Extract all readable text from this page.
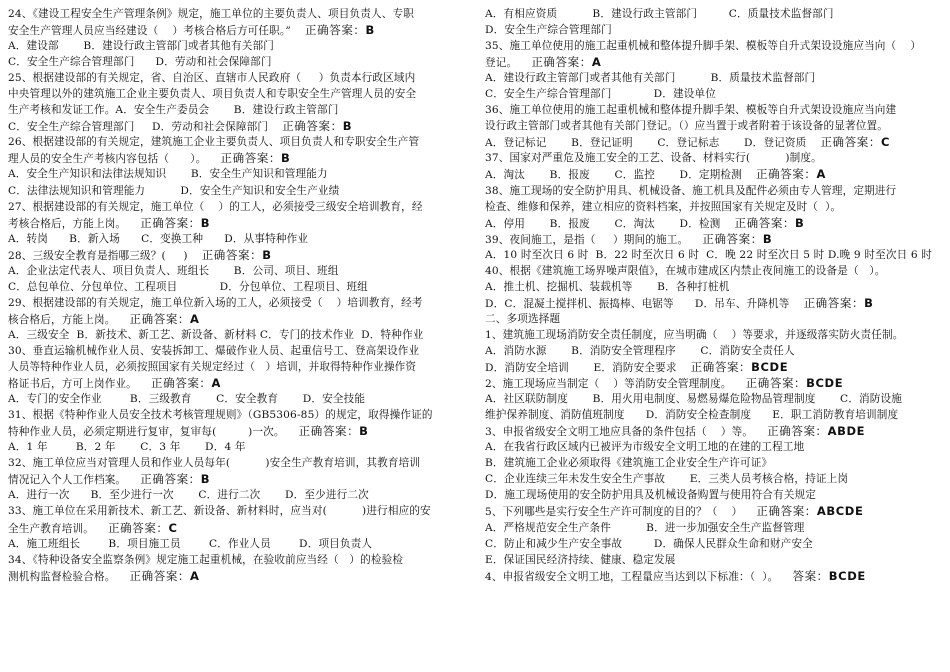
24、《建设工程安全生产管理条例》规定，施工单位的主要负责人、项目负责人、专职
安全生产管理人员应当经建设（    ）考核合格后方可任职。” 正确答案：B
A．建设部       B．建设行政主管部门或者其他有关部门
C．安全生产综合管理部门      D．劳动和社会保障部门
25、根据建设部的有关规定，省、自治区、直辖市人民政府（     ）负责本行政区域内
中央管理以外的建筑施工企业主要负责人、项目负责人和专职安全生产管理人员的安全
生产考核和发证工作。A．安全生产委员会       B．建设行政主管部门
C．安全生产综合管理部门     D．劳动和社会保障部门 正确答案：B
26、根据建设部的有关规定，建筑施工企业主要负责人、项目负责人和专职安全生产管
理人员的安全生产考核内容包括（      ）。 正确答案：B
A．安全生产知识和法律法规知识       B．安全生产知识和管理能力
C．法律法规知识和管理能力          D．安全生产知识和安全生产业绩
27、根据建设部的有关规定，施工单位（    ）的工人，必须接受三级安全培训教育，经
考核合格后，方能上岗。 正确答案：B
A．转岗      B．新入场      C．变换工种      D．从事特种作业
28、三级安全教育是指哪三级？(     ) 正确答案：B
A．企业法定代表人、项目负责人、班组长       B．公司、项目、班组
C．总包单位、分包单位、工程项目            D．分包单位、工程项目、班组
29、根据建设部的有关规定，施工单位新入场的工人，必须接受（    ）培训教育，经考
核合格后，方能上岗。 正确答案：A
A．三级安全  B．新技术、新工艺、新设备、新材料 C．专门的技术作业  D．特种作业
30、垂直运输机械作业人员、安装拆卸工、爆破作业人员、起重信号工、登高架设作业
人员等特种作业人员，必须按照国家有关规定经过（   ）培训，并取得特种作业操作资
格证书后，方可上岗作业。 正确答案：A
A．专门的安全作业        B．三级教育       C．安全教育       D．安全技能
31、根据《特种作业人员安全技术考核管理规则》（GB5306-85）的规定，取得操作证的
特种作业人员，必须定期进行复审，复审每(         )一次。 正确答案：B
A．1 年        B．2 年       C．3 年       D．4 年
32、施工单位应当对管理人员和作业人员每年(          )安全生产教育培训，其教育培训
情况记入个人工作档案。 正确答案：B
A．进行一次      B．至少进行一次       C．进行二次       D．至少进行二次
33、施工单位在采用新技术、新工艺、新设备、新材料时，应当对(          )进行相应的安
全生产教育培训。 正确答案：C
A．施工班组长        B．项目施工员        C．作业人员        D．项目负责人
34、《特种设备安全监察条例》规定施工起重机械，在验收前应当经（   ）的检验检
测机构监督检验合格。 正确答案：A
A．有相应资质          B．建设行政主管部门         C．质量技术监督部门
D．安全生产综合管理部门
35、施工单位使用的施工起重机械和整体提升脚手架、模板等自升式架设设施应当向（    ）
登记。 正确答案：A
A．建设行政主管部门或者其他有关部门          B．质量技术监督部门
C．安全生产综合管理部门            D．建设单位
36、施工单位使用的施工起重机械和整体提升脚手架、模板等自升式架设设施应当向建
设行政主管部门或者其他有关部门登记。（）应当置于或者附着于该设备的显著位置。
A．登记标记       B．登记证明       C．登记标志       D．登记资质 正确答案：C
37、国家对严重危及施工安全的工艺、设备、材料实行(          )制度。
A．淘汰       B．报废       C．监控       D．定期检测 正确答案：A
38、施工现场的安全防护用具、机械设备、施工机具及配件必须由专人管理，定期进行
检查、维修和保养，建立相应的资料档案，并按照国家有关规定及时（  ）。
A．停用       B．报废       C．淘汰       D．检测 正确答案：B
39、夜间施工，是指（     ）期间的施工。 正确答案：B
A．10 时至次日 6 时  B．22 时至次日 6 时  C．晚 22 时至次日 5 时 D.晚 9 时至次日 6 时
40、根据《建筑施工场界噪声限值》，在城市建成区内禁止夜间施工的设备是（   ）。
A．推土机、挖掘机、装载机等       B．各种打桩机
D．C．混凝土搅拌机、振捣棒、电锯等      D．吊车、升降机等 正确答案：B
二、多项选择题
1、建筑施工现场消防安全责任制度，应当明确（    ）等要求，并逐级落实防火责任制。
A．消防水源       B．消防安全管理程序       C．消防安全责任人
D．消防安全培训       E．消防安全要求 正确答案：BCDE
2、施工现场应当制定（    ）等消防安全管理制度。 正确答案：BCDE
A．社区联防制度       B．用火用电制度、易燃易爆危险物品管理制度       C．消防设施
维护保养制度、消防值班制度      D．消防安全检查制度      E．职工消防教育培训制度
3、申报省级安全文明工地应具备的条件包括（    ）等。 正确答案：ABDE
A．在我省行政区域内已被评为市级安全文明工地的在建的工程工地
B．建筑施工企业必须取得《建筑施工企业安全生产许可证》
C．企业连续三年未发生安全生产事故       E．三类人员考核合格，持证上岗
D．施工现场使用的安全防护用具及机械设备购置与使用符合有关规定
5、下列哪些是实行安全生产许可制度的目的？（    ） 正确答案：ABCDE
A．严格规范安全生产条件          B．进一步加强安全生产监督管理
C．防止和减少生产安全事故         D．确保人民群众生命和财产安全
E．保证国民经济持续、健康、稳定发展
4、申报省级安全文明工地，工程量应当达到以下标准：（  ）。 答案：BCDE
